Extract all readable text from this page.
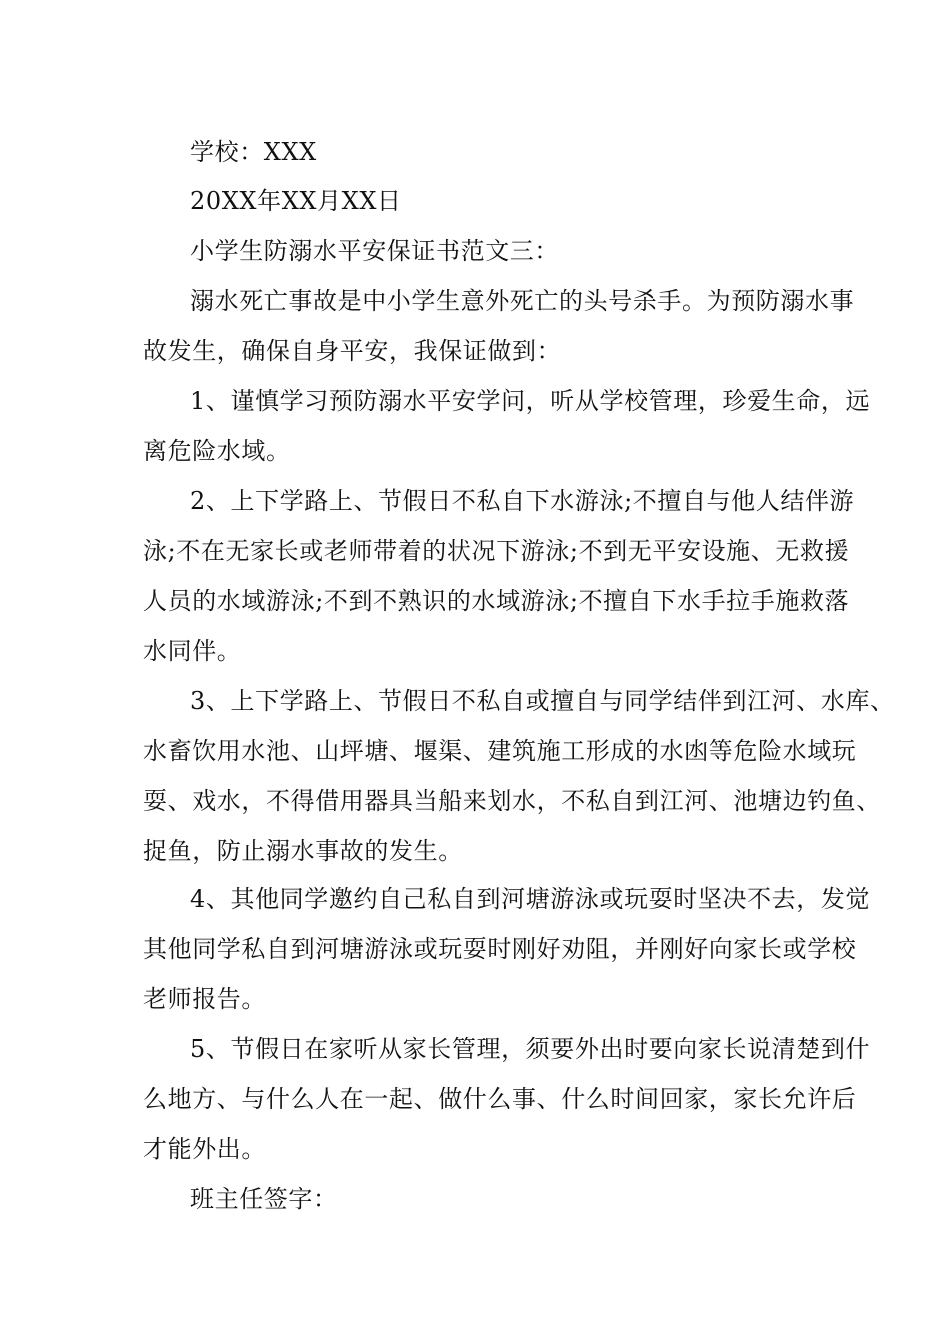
学校：XXX
20XX年XX月XX日
小学生防溺水平安保证书范文三：
溺水死亡事故是中小学生意外死亡的头号杀手。为预防溺水事
故发生，确保自身平安，我保证做到：
1、谨慎学习预防溺水平安学问，听从学校管理，珍爱生命，远
离危险水域。
2、上下学路上、节假日不私自下水游泳;不擅自与他人结伴游
泳;不在无家长或老师带着的状况下游泳;不到无平安设施、无救援
人员的水域游泳;不到不熟识的水域游泳;不擅自下水手拉手施救落
水同伴。
3、上下学路上、节假日不私自或擅自与同学结伴到江河、水库、
水畜饮用水池、山坪塘、堰渠、建筑施工形成的水凼等危险水域玩
耍、戏水，不得借用器具当船来划水，不私自到江河、池塘边钓鱼、
捉鱼，防止溺水事故的发生。
4、其他同学邀约自己私自到河塘游泳或玩耍时坚决不去，发觉
其他同学私自到河塘游泳或玩耍时刚好劝阻，并刚好向家长或学校
老师报告。
5、节假日在家听从家长管理，须要外出时要向家长说清楚到什
么地方、与什么人在一起、做什么事、什么时间回家，家长允许后
才能外出。
班主任签字：
